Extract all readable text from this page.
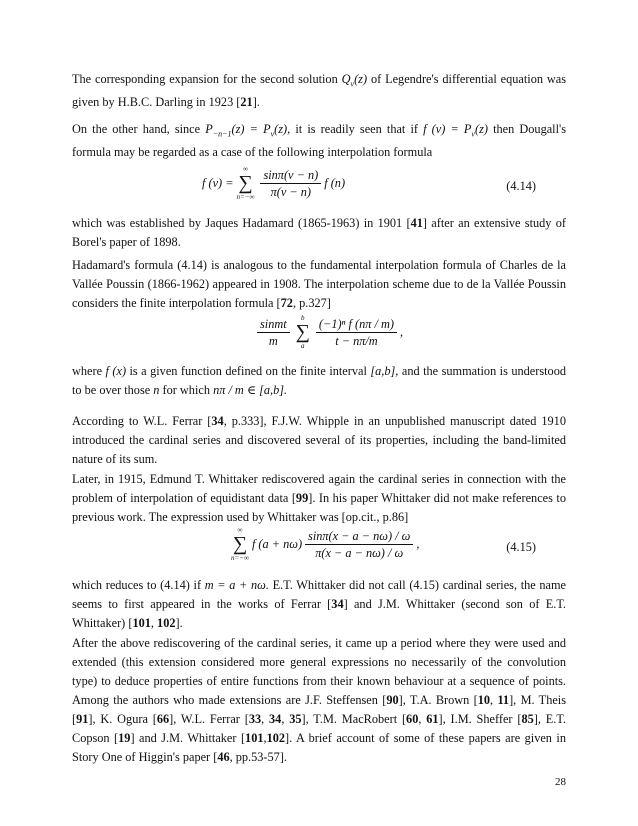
The corresponding expansion for the second solution $Q_\nu(z)$ of Legendre's differential equation was given by H.B.C. Darling in 1923 [21].

On the other hand, since $P_{-n-1}(z) = P_\nu(z)$, it is readily seen that if f $(\nu) = P_\nu(z)$ then Dougall's formula may be regarded as a case of the following interpolation formula

f (ν) =
∞
∑
$n=-\infty \frac{\sin\pi(\nu - n)}{\pi(\nu - n)}$ f (n)	(4.14)

which was established by Jaques Hadamard (1865-1963) in 1901 [41] after an extensive study of Borel's paper of 1898.

Hadamard's formula (4.14) is analogous to the fundamental interpolation formula of Charles de la Vallée Poussin (1866-1962) appeared in 1908. The interpolation scheme due to de la Vallée Poussin considers the finite interpolation formula [72, p.327]

$\frac{\text{sinmt}}{m}$ b
∑
a $\frac{\text{(−1)ⁿ f (nπ / m)}}{t - n\pi/m}$ ,

where f (x) is a given function defined on the finite interval [a,b], and the summation is understood to be over those n for which nπ / m ∈ [a,b].

According to W.L. Ferrar [34, p.333], F.J.W. Whipple in an unpublished manuscript dated 1910 introduced the cardinal series and discovered several of its properties, including the band-limited nature of its sum.

Later, in 1915, Edmund T. Whittaker rediscovered again the cardinal series in connection with the problem of interpolation of equidistant data [99]. In his paper Whittaker did not make references to previous work. The expression used by Whittaker was [op.cit., p.86]

∞
∑
n=−∞
f $(a + n\omega) \frac{\sin\pi(x - a - n\omega) / \omega}{\pi(x - a - n\omega) / \omega}$ ,	(4.15)

which reduces to (4.14) if m = a + nω. E.T. Whittaker did not call (4.15) cardinal series, the name seems to first appeared in the works of Ferrar [34] and J.M. Whittaker (second son of E.T. Whittaker) [101, 102].

After the above rediscovering of the cardinal series, it came up a period where they were used and extended (this extension considered more general expressions no necessarily of the convolution type) to deduce properties of entire functions from their known behaviour at a sequence of points. Among the authors who made extensions are J.F. Steffensen [90], T.A. Brown [10, 11], M. Theis [91], K. Ogura [66], W.L. Ferrar [33, 34, 35], T.M. MacRobert [60, 61], I.M. Sheffer [85], E.T. Copson [19] and J.M. Whittaker [101,102]. A brief account of some of these papers are given in Story One of Higgin's paper [46, pp.53-57].

28
